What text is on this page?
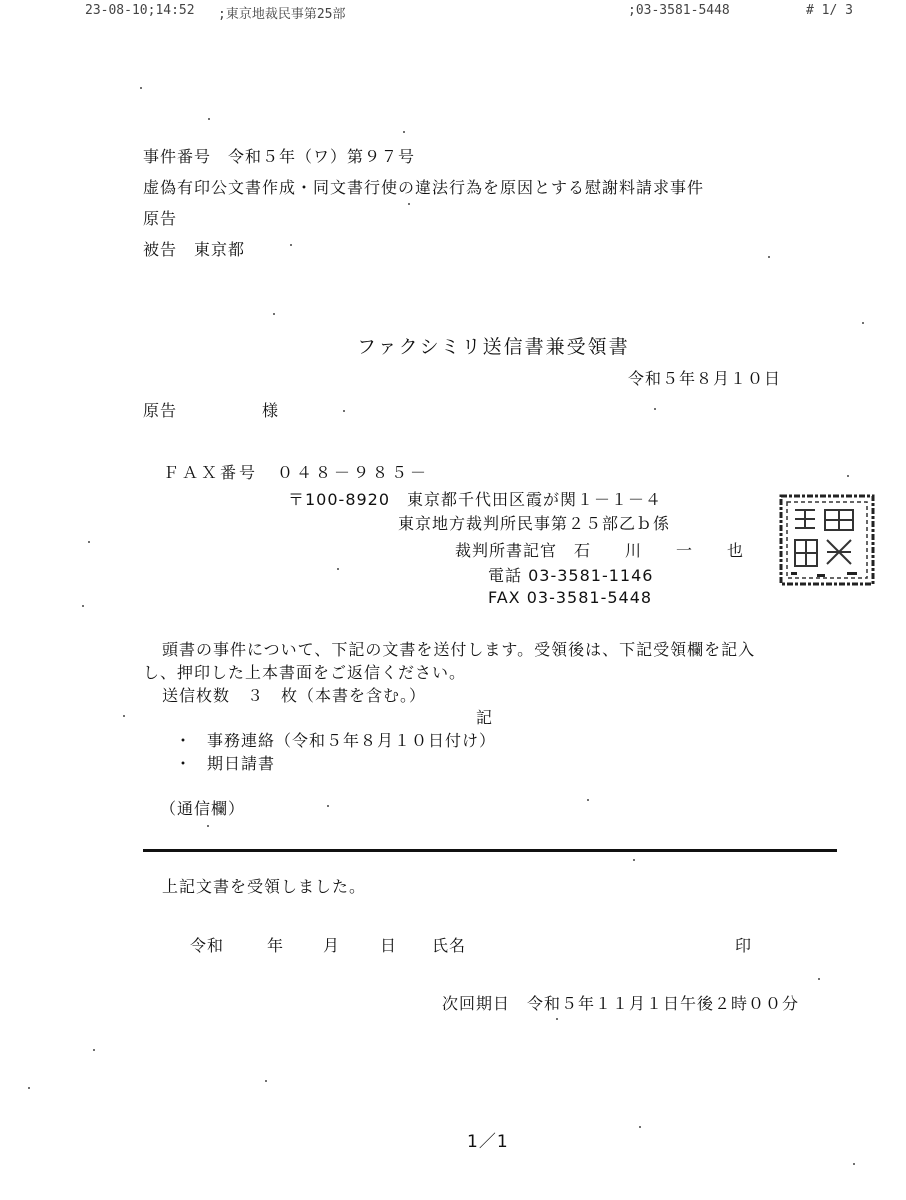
23-08-10;14:52 ;東京地裁民事第25部	;03-3581-5448	# 1/ 3
事件番号　令和５年（ワ）第９７号
虚偽有印公文書作成・同文書行使の違法行為を原因とする慰謝料請求事件
原告
被告　東京都
ファクシミリ送信書兼受領書
令和５年８月１０日
原告　　　　　様
ＦＡＸ番号　０４８－９８５－
〒100-8920　東京都千代田区霞が関１－１－４
東京地方裁判所民事第２５部乙ｂ係
裁判所書記官　石　　川　　一　　也
電話 03-3581-1146
FAX 03-3581-5448
頭書の事件について、下記の文書を送付します。受領後は、下記受領欄を記入
し、押印した上本書面をご返信ください。
送信枚数　３　枚（本書を含む。）
記
・ 事務連絡（令和５年８月１０日付け）
・ 期日請書
（通信欄）
上記文書を受領しました。
令和	年 月 日 氏名	印
次回期日　令和５年１１月１日午後２時００分
1／1
